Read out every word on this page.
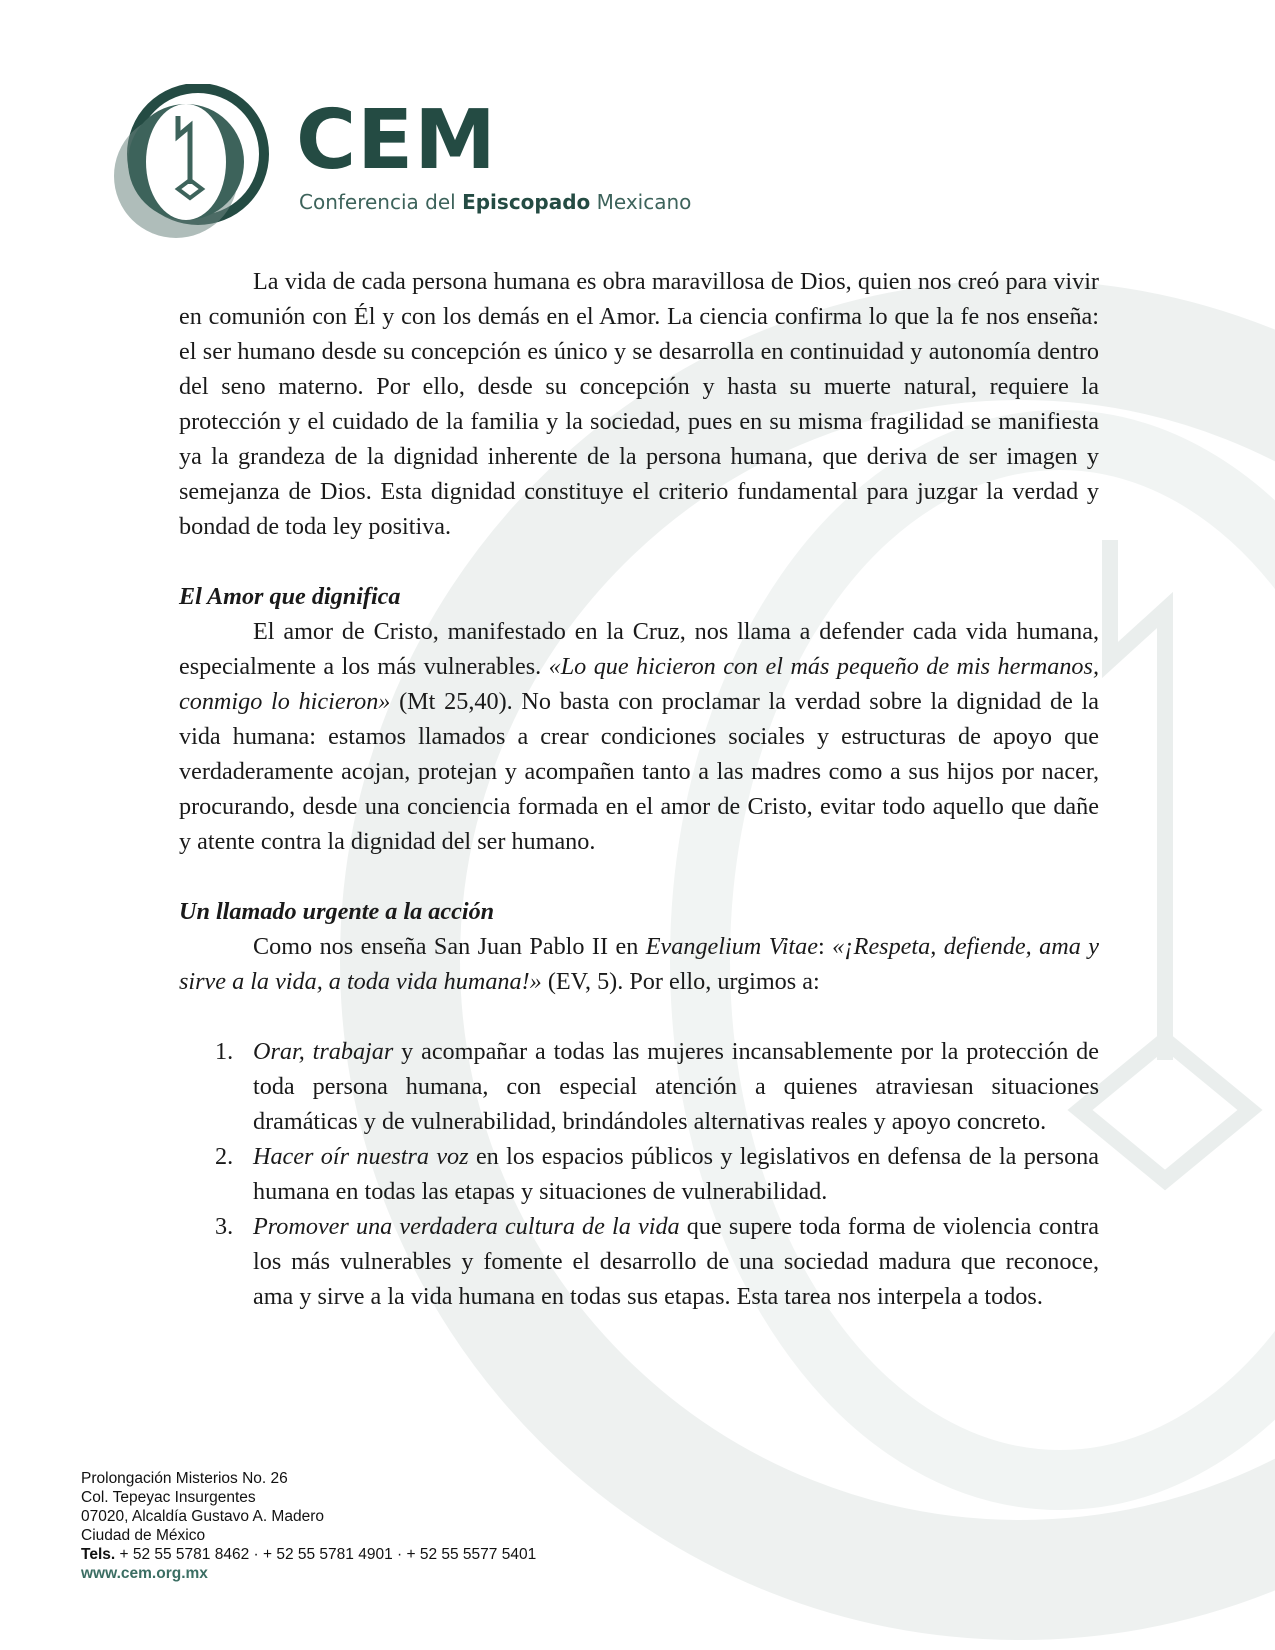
CEM
Conferencia del Episcopado Mexicano

La vida de cada persona humana es obra maravillosa de Dios, quien nos creó para vivir en comunión con Él y con los demás en el Amor. La ciencia confirma lo que la fe nos enseña: el ser humano desde su concepción es único y se desarrolla en continuidad y autonomía dentro del seno materno. Por ello, desde su concepción y hasta su muerte natural, requiere la protección y el cuidado de la familia y la sociedad, pues en su misma fragilidad se manifiesta ya la grandeza de la dignidad inherente de la persona humana, que deriva de ser imagen y semejanza de Dios. Esta dignidad constituye el criterio fundamental para juzgar la verdad y bondad de toda ley positiva.

El Amor que dignifica

El amor de Cristo, manifestado en la Cruz, nos llama a defender cada vida humana, especialmente a los más vulnerables. «Lo que hicieron con el más pequeño de mis hermanos, conmigo lo hicieron» (Mt 25,40). No basta con proclamar la verdad sobre la dignidad de la vida humana: estamos llamados a crear condiciones sociales y estructuras de apoyo que verdaderamente acojan, protejan y acompañen tanto a las madres como a sus hijos por nacer, procurando, desde una conciencia formada en el amor de Cristo, evitar todo aquello que dañe y atente contra la dignidad del ser humano.

Un llamado urgente a la acción

Como nos enseña San Juan Pablo II en Evangelium Vitae: «¡Respeta, defiende, ama y sirve a la vida, a toda vida humana!» (EV, 5). Por ello, urgimos a:

1. Orar, trabajar y acompañar a todas las mujeres incansablemente por la protección de toda persona humana, con especial atención a quienes atraviesan situaciones dramáticas y de vulnerabilidad, brindándoles alternativas reales y apoyo concreto.
2. Hacer oír nuestra voz en los espacios públicos y legislativos en defensa de la persona humana en todas las etapas y situaciones de vulnerabilidad.
3. Promover una verdadera cultura de la vida que supere toda forma de violencia contra los más vulnerables y fomente el desarrollo de una sociedad madura que reconoce, ama y sirve a la vida humana en todas sus etapas. Esta tarea nos interpela a todos.
Prolongación Misterios No. 26
Col. Tepeyac Insurgentes
07020, Alcaldía Gustavo A. Madero
Ciudad de México
Tels. + 52 55 5781 8462 · + 52 55 5781 4901 · + 52 55 5577 5401
www.cem.org.mx
